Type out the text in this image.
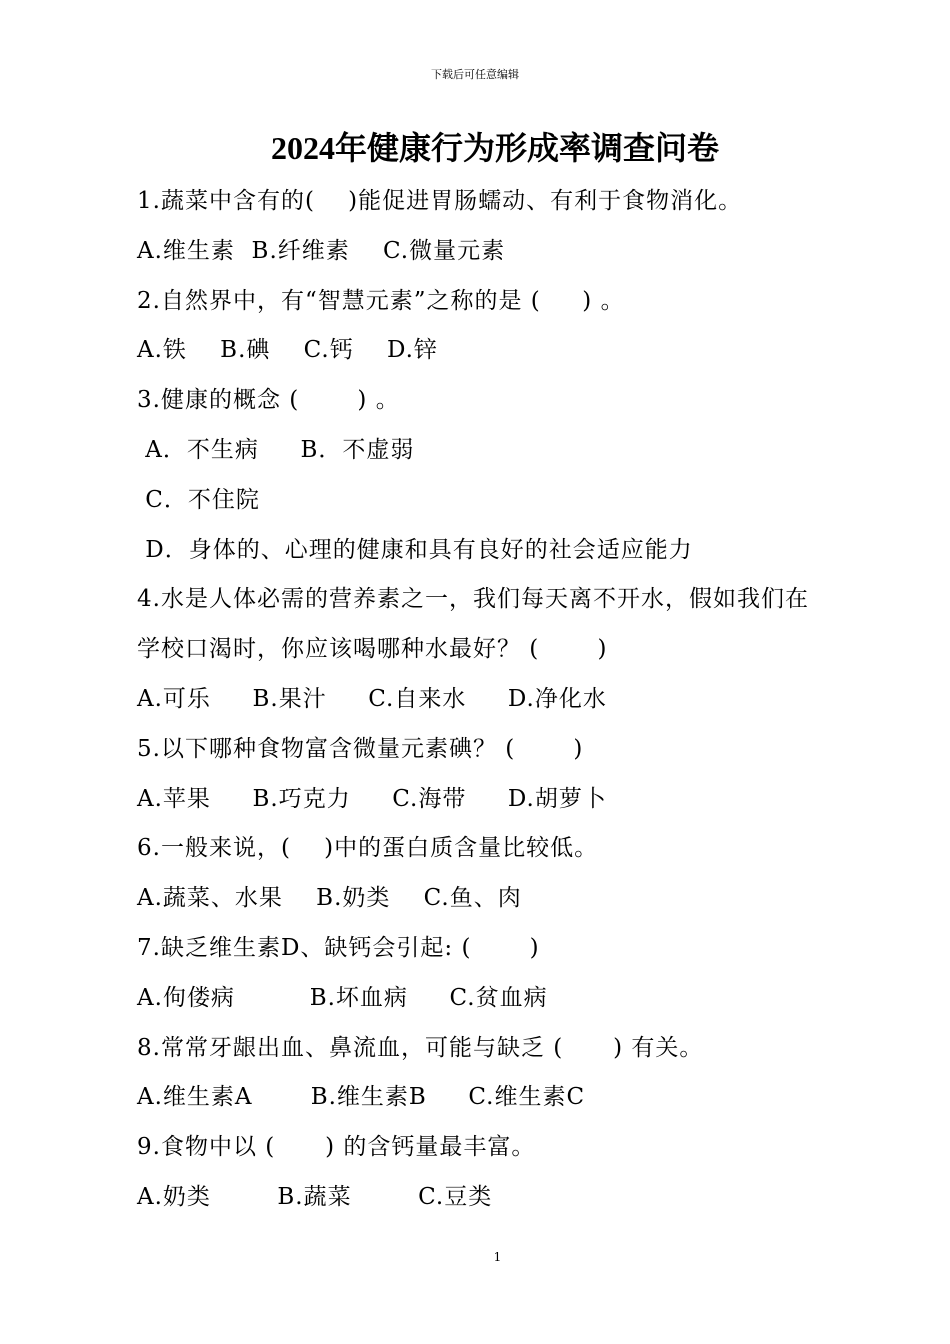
下载后可任意编辑
2024年健康行为形成率调查问卷
1.蔬菜中含有的(    )能促进胃肠蠕动、有利于食物消化。
A.维生素  B.纤维素    C.微量元素
2.自然界中，有“智慧元素”之称的是 (     ) 。
A.铁    B.碘    C.钙    D.锌
3.健康的概念 (       ) 。
A．不生病     B．不虚弱
C．不住院
D．身体的、心理的健康和具有良好的社会适应能力
4.水是人体必需的营养素之一，我们每天离不开水，假如我们在
学校口渴时，你应该喝哪种水最好？ (       )
A.可乐     B.果汁     C.自来水     D.净化水
5.以下哪种食物富含微量元素碘？ (       )
A.苹果     B.巧克力     C.海带     D.胡萝卜
6.一般来说，(    )中的蛋白质含量比较低。
A.蔬菜、水果    B.奶类    C.鱼、肉
7.缺乏维生素D、缺钙会引起: (       )
A.佝偻病         B.坏血病     C.贫血病
8.常常牙龈出血、鼻流血，可能与缺乏 (      ) 有关。
A.维生素A       B.维生素B     C.维生素C
9.食物中以 (      ) 的含钙量最丰富。
A.奶类        B.蔬菜        C.豆类
1
